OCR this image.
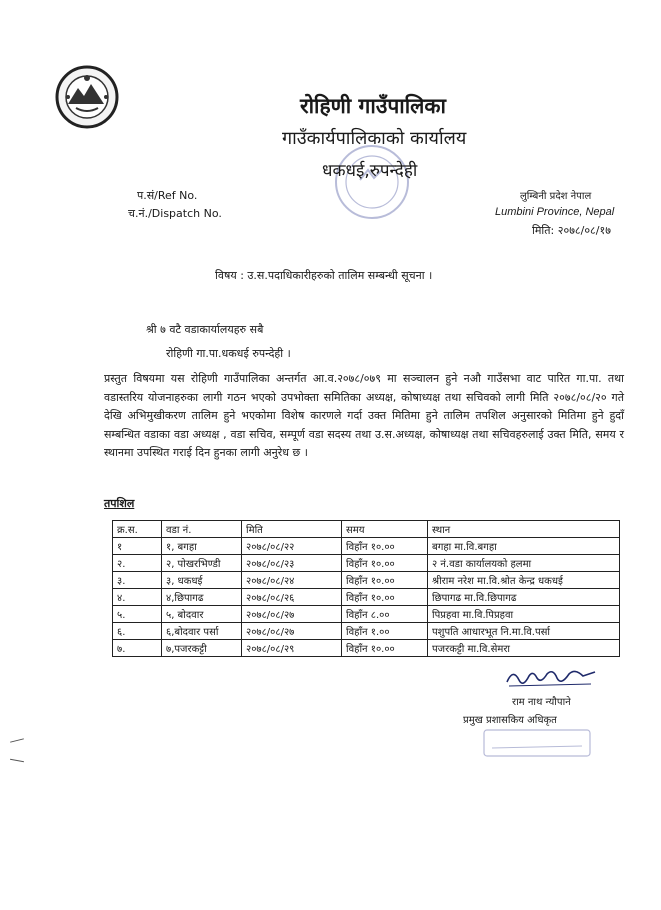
रोहिणी गाउँपालिका
गाउँकार्यपालिकाको कार्यालय
धकधई,रुपन्देही
प.सं/Ref No.
च.नं./Dispatch No.
लुम्बिनी प्रदेश नेपाल
Lumbini Province, Nepal
मिति: २०७८/०८/१७
विषय : उ.स.पदाधिकारीहरुको तालिम सम्बन्धी सूचना ।
श्री ७ वटै वडाकार्यालयहरु सबै
रोहिणी गा.पा.धकधई रुपन्देही ।
प्रस्तुत विषयमा यस रोहिणी गाउँपालिका अन्तर्गत आ.व.२०७८/०७९ मा सञ्चालन हुने नऔ गाउँसभा वाट पारित गा.पा. तथा वडास्तरिय योजनाहरुका लागी गठन भएको उपभोक्ता समितिका अध्यक्ष, कोषाध्यक्ष तथा सचिवको लागी मिति २०७८/०८/२० गते देखि अभिमुखीकरण तालिम हुने भएकोमा विशेष कारणले गर्दा उक्त मितिमा हुने तालिम तपशिल अनुसारको मितिमा हुने हुदाँ सम्बन्धित वडाका वडा अध्यक्ष , वडा सचिव, सम्पूर्ण वडा सदस्य तथा उ.स.अध्यक्ष, कोषाध्यक्ष तथा सचिवहरुलाई उक्त मिति, समय र स्थानमा उपस्थित गराई दिन हुनका लागी अनुरेध छ ।
तपशिल
क्र.स.	वडा नं.	मिति	समय	स्थान
१	१, बगहा	२०७८/०८/२२	विहाँन १०.००	बगहा मा.वि.बगहा
२.	२, पोखरभिण्डी	२०७८/०८/२३	विहाँन १०.००	२ नं.वडा कार्यालयको हलमा
३.	३, धकधई	२०७८/०८/२४	विहाँन १०.००	श्रीराम नरेश मा.वि.श्रोत केन्द्र धकधई
४.	४,छिपागढ	२०७८/०८/२६	विहाँन १०.००	छिपागढ मा.वि.छिपागढ
५.	५, बोदवार	२०७८/०८/२७	विहाँन ८.००	पिप्रहवा मा.वि.पिप्रहवा
६.	६,बोदवार पर्सा	२०७८/०८/२७	विहाँन १.००	पशुपति आधारभूत नि.मा.वि.पर्सा
७.	७,पजरकट्टी	२०७८/०८/२९	विहाँन १०.००	पजरकट्टी मा.वि.सेमरा
राम नाथ न्यौपाने
प्रमुख प्रशासकिय अधिकृत
